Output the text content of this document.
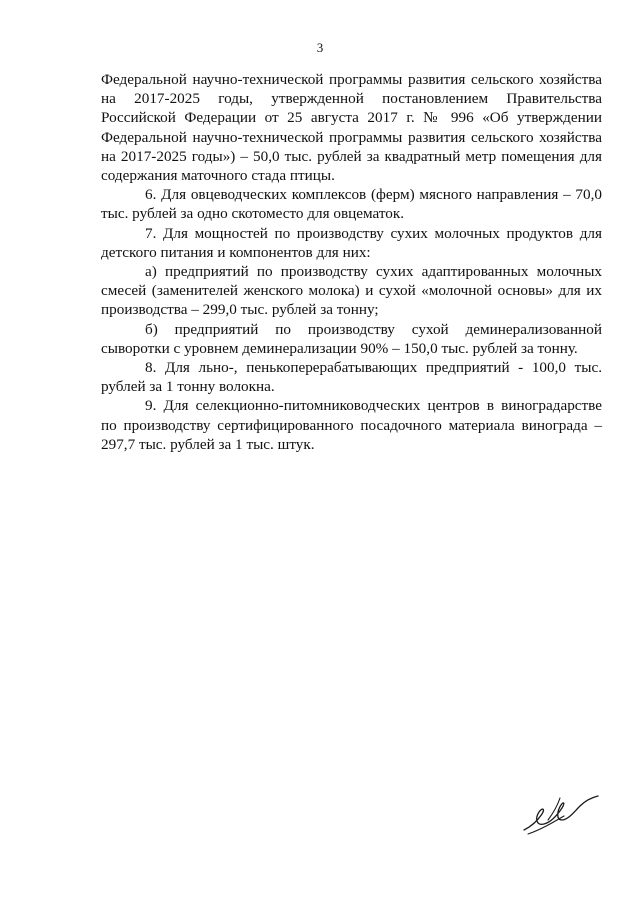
3

Федеральной научно-технической программы развития сельского хозяйства на 2017-2025 годы, утвержденной постановлением Правительства Российской Федерации от 25 августа 2017 г. № 996 «Об утверждении Федеральной научно-технической программы развития сельского хозяйства на 2017-2025 годы») – 50,0 тыс. рублей за квадратный метр помещения для содержания маточного стада птицы.

6. Для овцеводческих комплексов (ферм) мясного направления – 70,0 тыс. рублей за одно скотоместо для овцематок.

7. Для мощностей по производству сухих молочных продуктов для детского питания и компонентов для них:

а) предприятий по производству сухих адаптированных молочных смесей (заменителей женского молока) и сухой «молочной основы» для их производства – 299,0 тыс. рублей за тонну;

б) предприятий по производству сухой деминерализованной сыворотки с уровнем деминерализации 90% – 150,0 тыс. рублей за тонну.

8. Для льно-, пенькоперерабатывающих предприятий - 100,0 тыс. рублей за 1 тонну волокна.

9. Для селекционно-питомниководческих центров в виноградарстве по производству сертифицированного посадочного материала винограда – 297,7 тыс. рублей за 1 тыс. штук.
